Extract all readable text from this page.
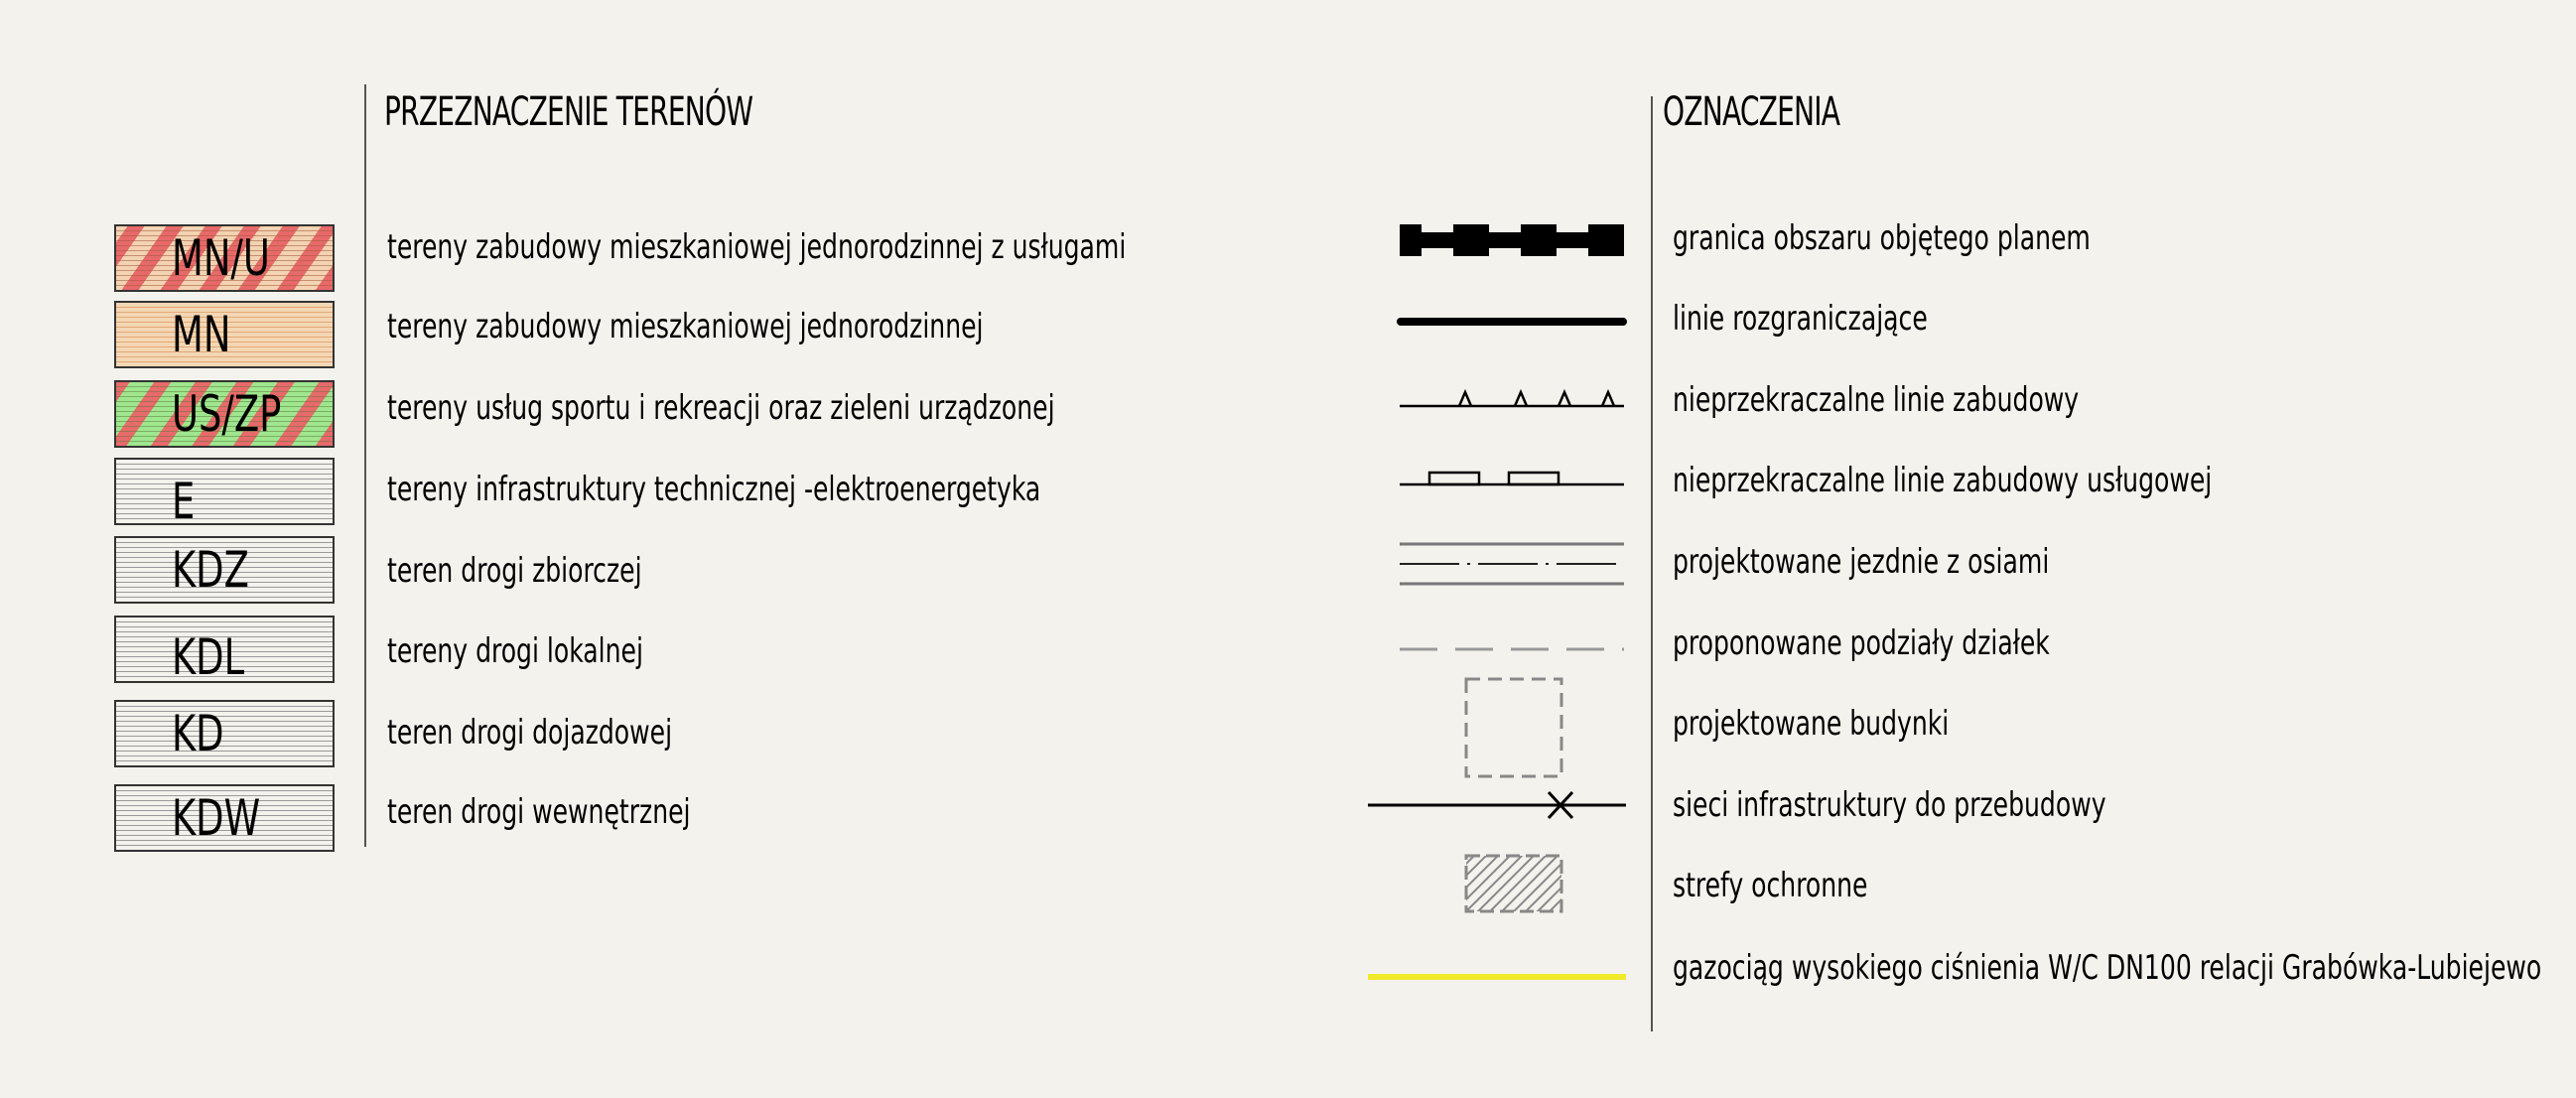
PRZEZNACZENIE TERENÓW
MN/U	tereny zabudowy mieszkaniowej jednorodzinnej z usługami
MN	tereny zabudowy mieszkaniowej jednorodzinnej
US/ZP	tereny usług sportu i rekreacji oraz zieleni urządzonej
E	tereny infrastruktury technicznej -elektroenergetyka
KDZ	teren drogi zbiorczej
KDL	tereny drogi lokalnej
KD	teren drogi dojazdowej
KDW	teren drogi wewnętrznej
OZNACZENIA
granica obszaru objętego planem
linie rozgraniczające
nieprzekraczalne linie zabudowy
nieprzekraczalne linie zabudowy usługowej
projektowane jezdnie z osiami
proponowane podziały działek
projektowane budynki
sieci infrastruktury do przebudowy
strefy ochronne
gazociąg wysokiego ciśnienia W/C DN100 relacji Grabówka-Lubiejewo
